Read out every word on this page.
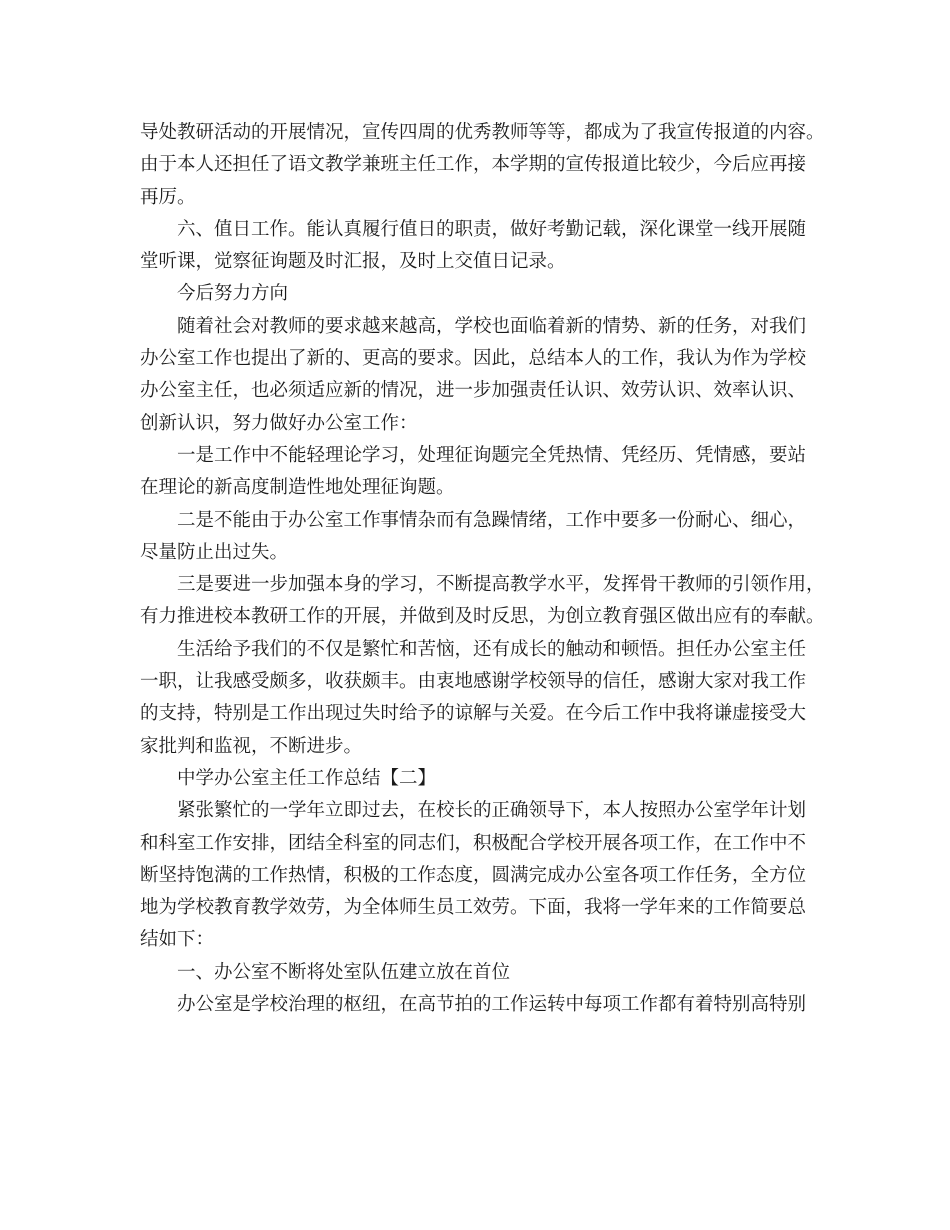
导处教研活动的开展情况，宣传四周的优秀教师等等，都成为了我宣传报道的内容。
由于本人还担任了语文教学兼班主任工作，本学期的宣传报道比较少，今后应再接
再厉。
六、值日工作。能认真履行值日的职责，做好考勤记载，深化课堂一线开展随
堂听课，觉察征询题及时汇报，及时上交值日记录。
今后努力方向
随着社会对教师的要求越来越高，学校也面临着新的情势、新的任务，对我们
办公室工作也提出了新的、更高的要求。因此，总结本人的工作，我认为作为学校
办公室主任，也必须适应新的情况，进一步加强责任认识、效劳认识、效率认识、
创新认识，努力做好办公室工作：
一是工作中不能轻理论学习，处理征询题完全凭热情、凭经历、凭情感，要站
在理论的新高度制造性地处理征询题。
二是不能由于办公室工作事情杂而有急躁情绪，工作中要多一份耐心、细心，
尽量防止出过失。
三是要进一步加强本身的学习，不断提高教学水平，发挥骨干教师的引领作用，
有力推进校本教研工作的开展，并做到及时反思，为创立教育强区做出应有的奉献。
生活给予我们的不仅是繁忙和苦恼，还有成长的触动和顿悟。担任办公室主任
一职，让我感受颇多，收获颇丰。由衷地感谢学校领导的信任，感谢大家对我工作
的支持，特别是工作出现过失时给予的谅解与关爱。在今后工作中我将谦虚接受大
家批判和监视，不断进步。
中学办公室主任工作总结【二】
紧张繁忙的一学年立即过去，在校长的正确领导下，本人按照办公室学年计划
和科室工作安排，团结全科室的同志们，积极配合学校开展各项工作，在工作中不
断坚持饱满的工作热情，积极的工作态度，圆满完成办公室各项工作任务，全方位
地为学校教育教学效劳，为全体师生员工效劳。下面，我将一学年来的工作简要总
结如下：
一、办公室不断将处室队伍建立放在首位
办公室是学校治理的枢纽，在高节拍的工作运转中每项工作都有着特别高特别
